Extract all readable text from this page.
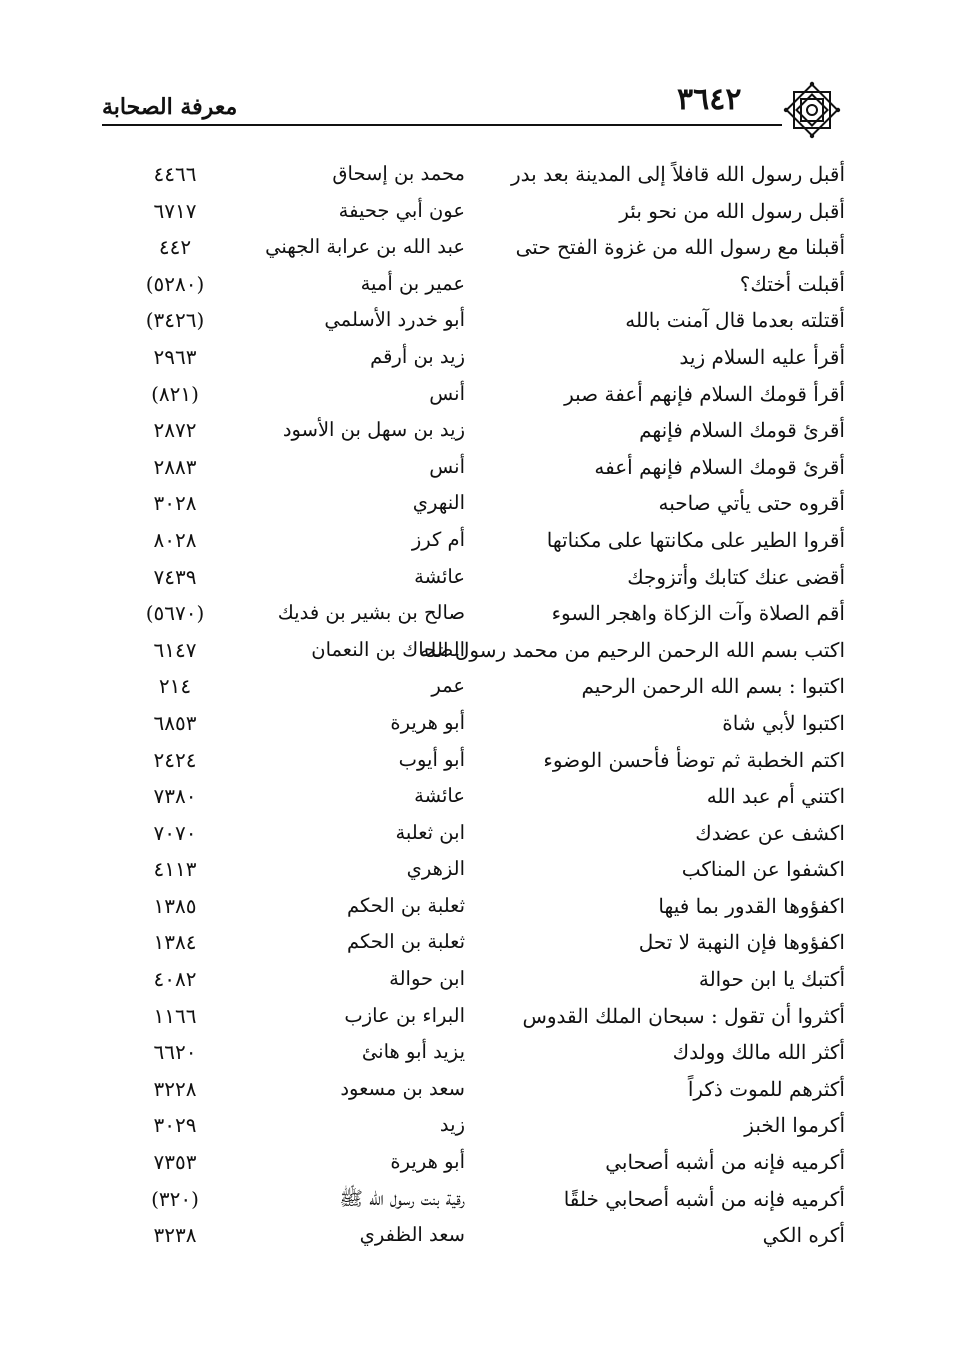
معرفة الصحابة	٣٦٤٢
أقبل رسول الله قافلاً إلى المدينة بعد بدر
محمد بن إسحاق
٤٤٦٦
أقبل رسول الله من نحو بئر
عون أبي جحيفة
٦٧١٧
أقبلنا مع رسول الله من غزوة الفتح حتى
عبد الله بن عرابة الجهني
٤٤٢
أقبلت أختك؟
عمير بن أمية
(٥٢٨٠)
أقتلته بعدما قال آمنت بالله
أبو خدرد الأسلمي
(٣٤٢٦)
أقرأ عليه السلام زيد
زيد بن أرقم
٢٩٦٣
أقرأ قومك السلام فإنهم أعفة صبر
أنس
(٨٢١)
أقرئ قومك السلام فإنهم
زيد بن سهل بن الأسود
٢٨٧٢
أقرئ قومك السلام فإنهم أعفه
أنس
٢٨٨٣
أقروه حتى يأتي صاحبه
النهري
٣٠٢٨
أقروا الطير على مكانتها على مكناتها
أم كرز
٨٠٢٨
أقضى عنك كتابك وأتزوجك
عائشة
٧٤٣٩
أقم الصلاة وآت الزكاة واهجر السوء
صالح بن بشير بن فديك
(٥٦٧٠)
اكتب بسم الله الرحمن الرحيم من محمد رسول الله
الضحاك بن النعمان
٦١٤٧
اكتبوا : بسم الله الرحمن الرحيم
عمر
٢١٤
اكتبوا لأبي شاة
أبو هريرة
٦٨٥٣
اكتم الخطبة ثم توضأ فأحسن الوضوء
أبو أيوب
٢٤٢٤
اكتني أم عبد الله
عائشة
٧٣٨٠
اكشف عن عضدك
ابن ثعلبة
٧٠٧٠
اكشفوا عن المناكب
الزهري
٤١١٣
اكفؤوها القدور بما فيها
ثعلبة بن الحكم
١٣٨٥
اكفؤوها فإن النهبة لا تحل
ثعلبة بن الحكم
١٣٨٤
أكتبك يا ابن حوالة
ابن حوالة
٤٠٨٢
أكثروا أن تقول : سبحان الملك القدوس
البراء بن عازب
١١٦٦
أكثر الله مالك وولدك
يزيد أبو هانئ
٦٦٢٠
أكثرهم للموت ذكراً
سعد بن مسعود
٣٢٢٨
أكرموا الخبز
زيد
٣٠٢٩
أكرميه فإنه من أشبه أصحابي
أبو هريرة
٧٣٥٣
أكرميه فإنه من أشبه أصحابي خلقًا
رقية بنت رسول الله ﷺ
(٣٢٠)
أكره الكي
سعد الظفري
٣٢٣٨
